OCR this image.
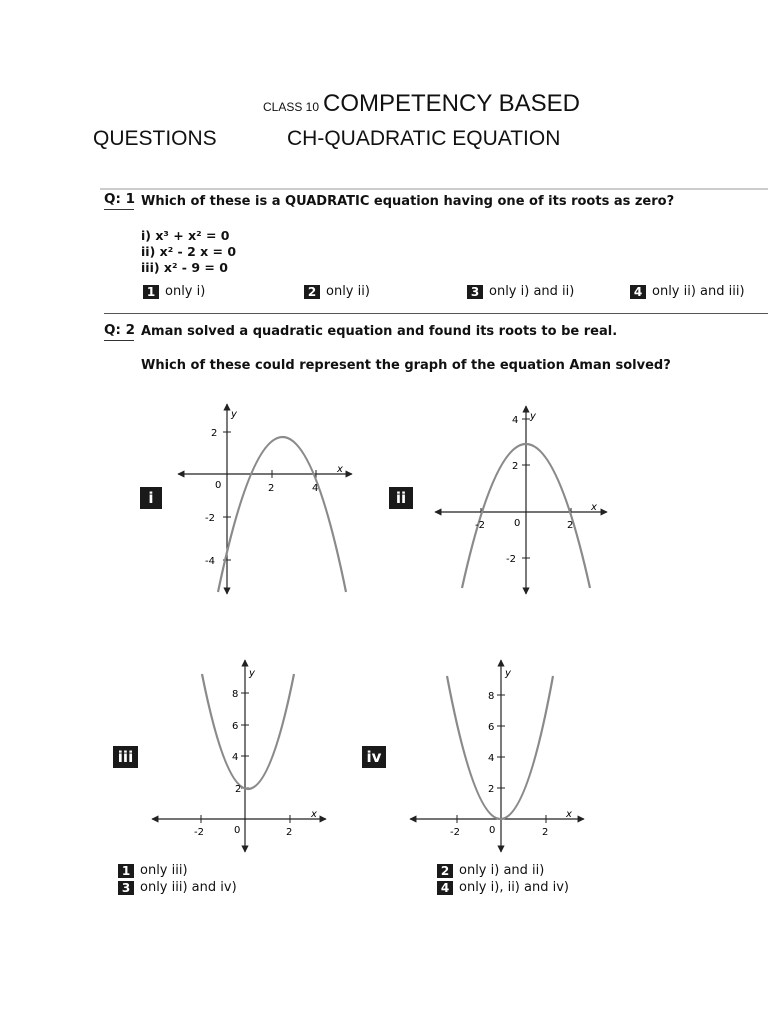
CLASS 10 COMPETENCY BASED
QUESTIONS	CH-QUADRATIC EQUATION
Q: 1 Which of these is a QUADRATIC equation having one of its roots as zero?
i) x³ + x² = 0
ii) x² - 2 x = 0
iii) x² - 9 = 0
1 only i)	2 only ii)	3 only i) and ii)	4 only ii) and iii)
Q: 2 Aman solved a quadratic equation and found its roots to be real.
Which of these could represent the graph of the equation Aman solved?
i	ii
iii	iv
y
x
2
-2
-4
2	4
0
y
x
4
2
-2
0
-2	2
y
x
8
6
4
2
-2	0	2
y
x
8
6
4
2
-2	0	2
1 only iii)	2 only i) and ii)
3 only iii) and iv)	4 only i), ii) and iv)
